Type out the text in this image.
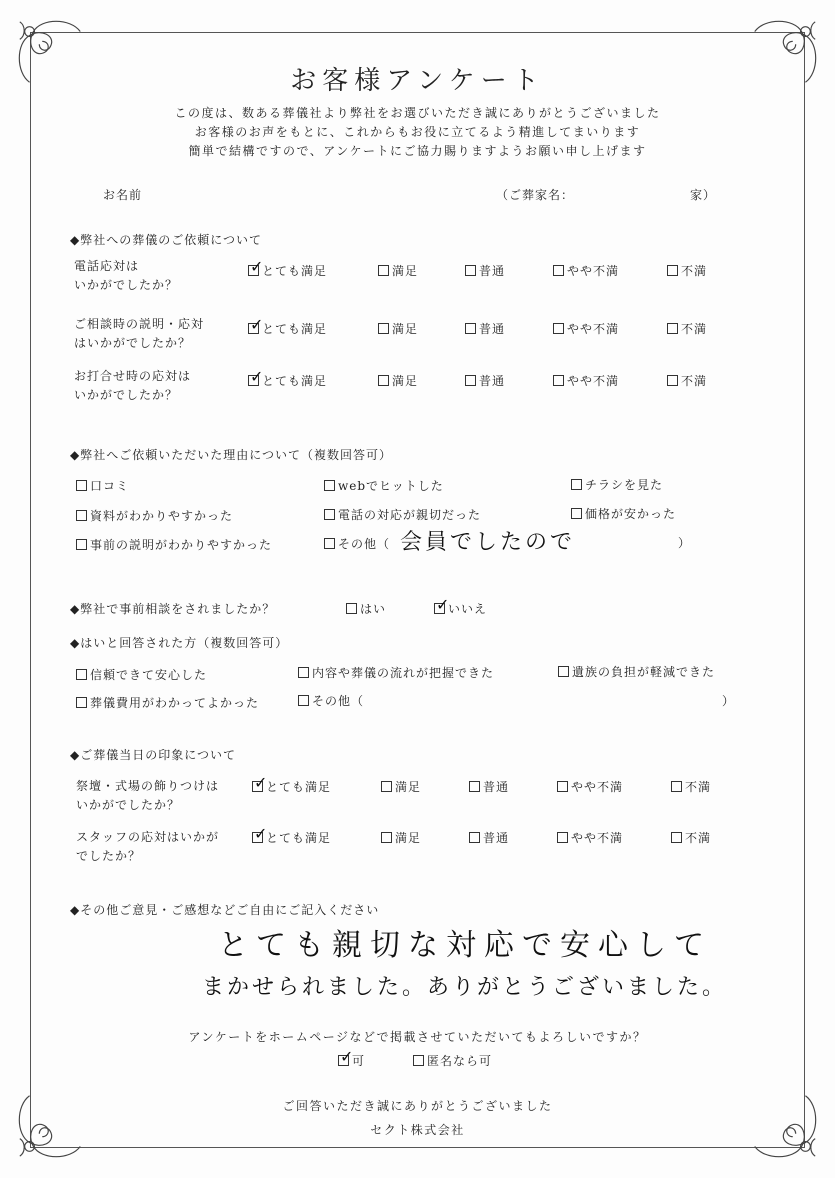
お客様アンケート
この度は、数ある葬儀社より弊社をお選びいただき誠にありがとうございました
お客様のお声をもとに、これからもお役に立てるよう精進してまいります
簡単で結構ですので、アンケートにご協力賜りますようお願い申し上げます
お名前	（ご葬家名：	家）
◆弊社への葬儀のご依頼について
◆弊社へご依頼いただいた理由について（複数回答可）
会員でしたので	）
◆弊社で事前相談をされましたか？
◆はいと回答された方（複数回答可）
）
◆ご葬儀当日の印象について
◆その他ご意見・ご感想などご自由にご記入ください
とても親切な対応で安心して
まかせられました。ありがとうございました。
アンケートをホームページなどで掲載させていただいてもよろしいですか？
ご回答いただき誠にありがとうございました
セクト株式会社
電話応対は
いかがでしたか？
✓
とても満足	満足	普通	やや不満	不満
ご相談時の説明・応対
はいかがでしたか？
✓
とても満足	満足	普通	やや不満	不満
お打合せ時の応対は
いかがでしたか？
✓
とても満足	満足	普通	やや不満	不満
口コミ	webでヒットした	チラシを見た
資料がわかりやすかった	電話の対応が親切だった	価格が安かった
事前の説明がわかりやすかった	その他（
はい
✓	いいえ
信頼できて安心した	内容や葬儀の流れが把握できた	遺族の負担が軽減できた
葬儀費用がわかってよかった	その他（
祭壇・式場の飾りつけは
いかがでしたか？
✓
とても満足	満足	普通	やや不満	不満
スタッフの応対はいかが
でしたか？
✓
とても満足	満足	普通	やや不満	不満
✓
可	匿名なら可
